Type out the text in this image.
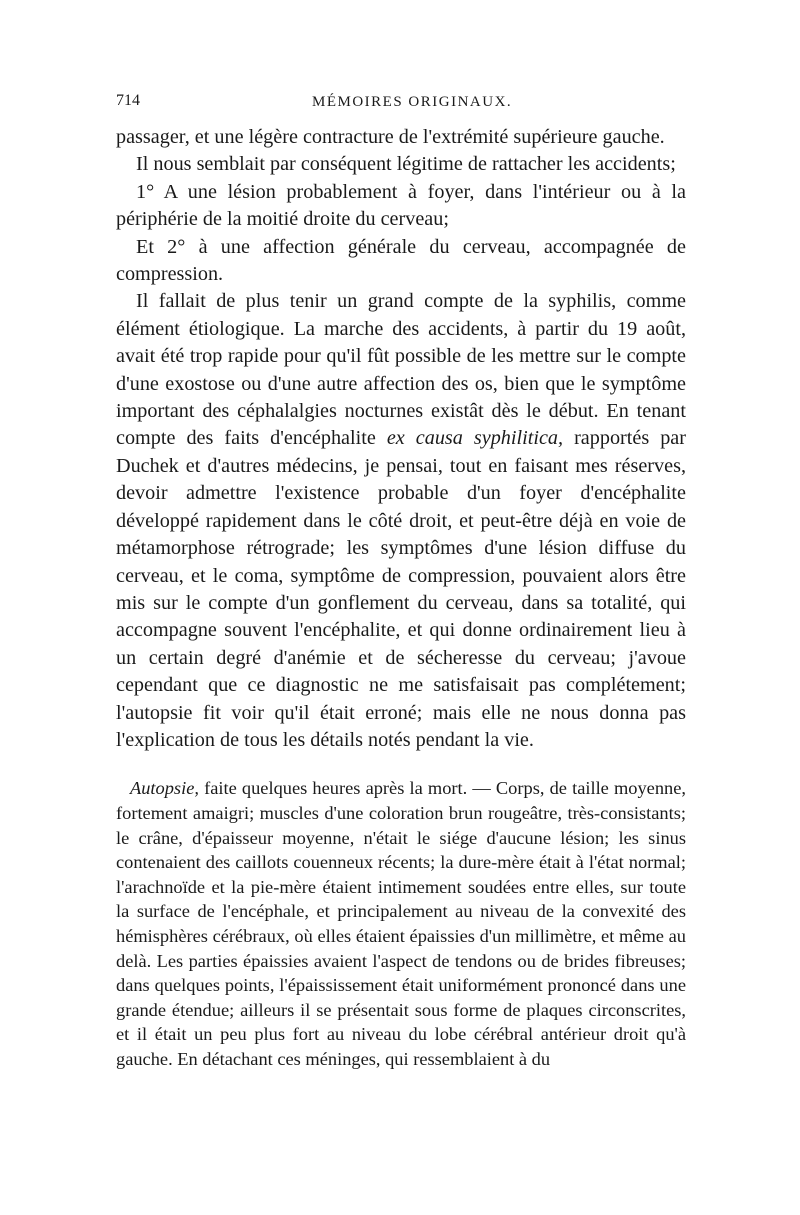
714	MÉMOIRES ORIGINAUX.

passager, et une légère contracture de l'extrémité supérieure gauche.

Il nous semblait par conséquent légitime de rattacher les accidents;

1° A une lésion probablement à foyer, dans l'intérieur ou à la périphérie de la moitié droite du cerveau;

Et 2° à une affection générale du cerveau, accompagnée de compression.

Il fallait de plus tenir un grand compte de la syphilis, comme élément étiologique. La marche des accidents, à partir du 19 août, avait été trop rapide pour qu'il fût possible de les mettre sur le compte d'une exostose ou d'une autre affection des os, bien que le symptôme important des céphalalgies nocturnes existât dès le début. En tenant compte des faits d'encéphalite ex causa syphilitica, rapportés par Duchek et d'autres médecins, je pensai, tout en faisant mes réserves, devoir admettre l'existence probable d'un foyer d'encéphalite développé rapidement dans le côté droit, et peut-être déjà en voie de métamorphose rétrograde; les symptômes d'une lésion diffuse du cerveau, et le coma, symptôme de compression, pouvaient alors être mis sur le compte d'un gonflement du cerveau, dans sa totalité, qui accompagne souvent l'encéphalite, et qui donne ordinairement lieu à un certain degré d'anémie et de sécheresse du cerveau; j'avoue cependant que ce diagnostic ne me satisfaisait pas complétement; l'autopsie fit voir qu'il était erroné; mais elle ne nous donna pas l'explication de tous les détails notés pendant la vie.

Autopsie, faite quelques heures après la mort. — Corps, de taille moyenne, fortement amaigri; muscles d'une coloration brun rougeâtre, très-consistants; le crâne, d'épaisseur moyenne, n'était le siége d'aucune lésion; les sinus contenaient des caillots couenneux récents; la dure-mère était à l'état normal; l'arachnoïde et la pie-mère étaient intimement soudées entre elles, sur toute la surface de l'encéphale, et principalement au niveau de la convexité des hémisphères cérébraux, où elles étaient épaissies d'un millimètre, et même au delà. Les parties épaissies avaient l'aspect de tendons ou de brides fibreuses; dans quelques points, l'épaississement était uniformément prononcé dans une grande étendue; ailleurs il se présentait sous forme de plaques circonscrites, et il était un peu plus fort au niveau du lobe cérébral antérieur droit qu'à gauche. En détachant ces méninges, qui ressemblaient à du
